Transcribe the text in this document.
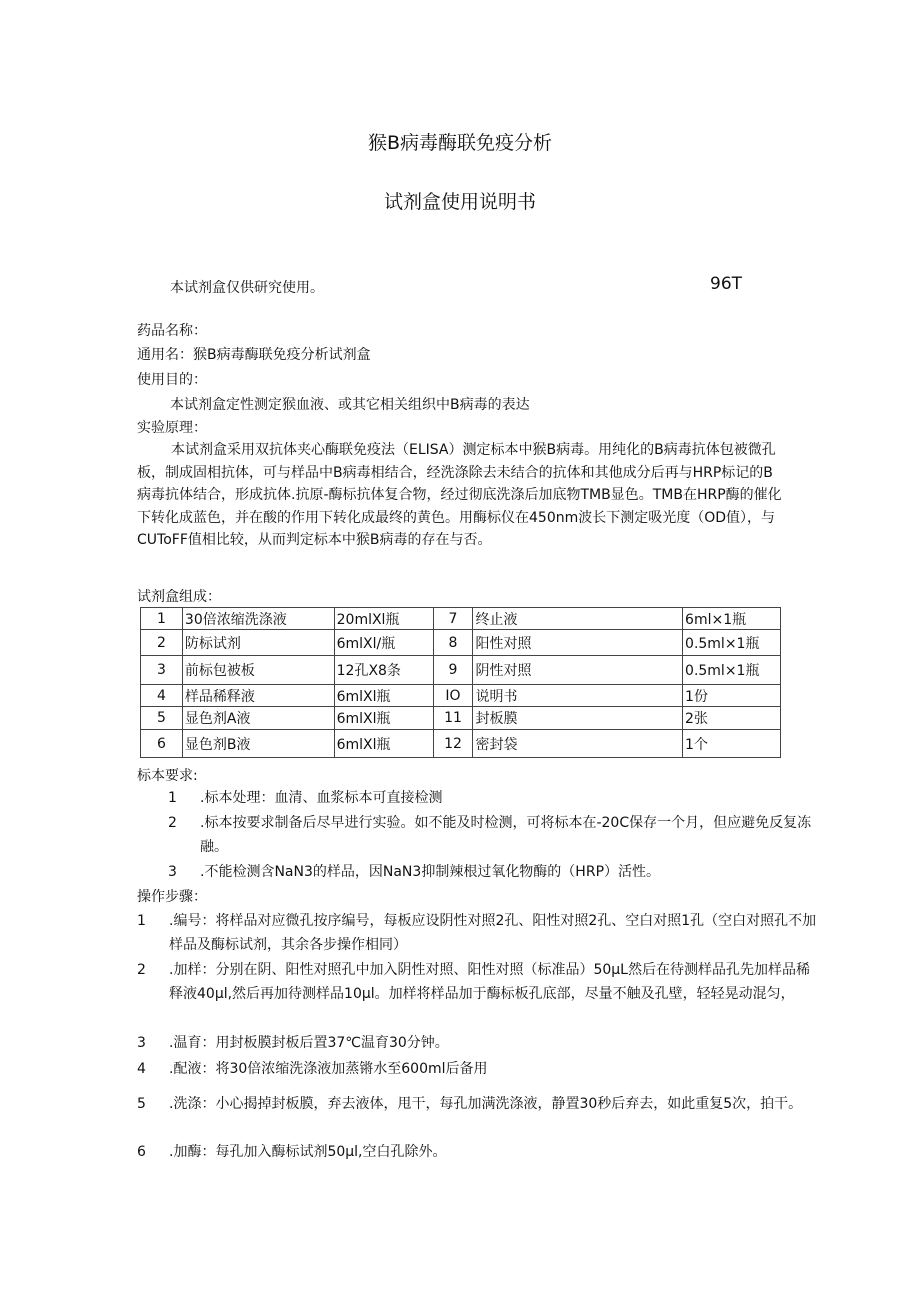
猴B病毒酶联免疫分析
试剂盒使用说明书
本试剂盒仅供研究使用。	96T
药品名称：
通用名：猴B病毒酶联免疫分析试剂盒
使用目的：
本试剂盒定性测定猴血液、或其它相关组织中B病毒的表达
实验原理：
本试剂盒采用双抗体夹心酶联免疫法（ELISA）测定标本中猴B病毒。用纯化的B病毒抗体包被微孔板，制成固相抗体，可与样品中B病毒相结合，经洗涤除去未结合的抗体和其他成分后再与HRP标记的B病毒抗体结合，形成抗体.抗原-酶标抗体复合物，经过彻底洗涤后加底物TMB显色。TMB在HRP酶的催化下转化成蓝色，并在酸的作用下转化成最终的黄色。用酶标仪在450nm波长下测定吸光度（OD值），与CUToFF值相比较，从而判定标本中猴B病毒的存在与否。
试剂盒组成：
1	30倍浓缩洗涤液	20mlXl瓶	7	终止液	6ml×1瓶
2	防标试剂	6mlXl/瓶	8	阳性对照	0.5ml×1瓶
3	前标包被板	12孔X8条	9	阴性对照	0.5ml×1瓶
4	样品稀释液	6mlXl瓶	IO	说明书	1份
5	显色剂A液	6mlXl瓶	11	封板膜	2张
6	显色剂B液	6mlXl瓶	12	密封袋	1个
标本要求:
1 .标本处理：血清、血浆标本可直接检测
2 .标本按要求制备后尽早进行实验。如不能及时检测，可将标本在-20C保存一个月，但应避免反复冻融。
3 .不能检测含NaN3的样品，因NaN3抑制辣根过氧化物酶的（HRP）活性。
操作步骤：
1 .编号：将样品对应微孔按序编号，每板应设阴性对照2孔、阳性对照2孔、空白对照1孔（空白对照孔不加样品及酶标试剂，其余各步操作相同）
2 .加样：分别在阴、阳性对照孔中加入阴性对照、阳性对照（标准品）50μL然后在待测样品孔先加样品稀释液40μl,然后再加待测样品10μl。加样将样品加于酶标板孔底部，尽量不触及孔壁，轻轻晃动混匀，
3 .温育：用封板膜封板后置37℃温育30分钟。
4 .配液：将30倍浓缩洗涤液加蒸锵水至600ml后备用
5 .洗涤：小心揭掉封板膜，弃去液体，甩干，每孔加满洗涤液，静置30秒后弃去，如此重复5次，拍干。
6 .加酶：每孔加入酶标试剂50μl,空白孔除外。
